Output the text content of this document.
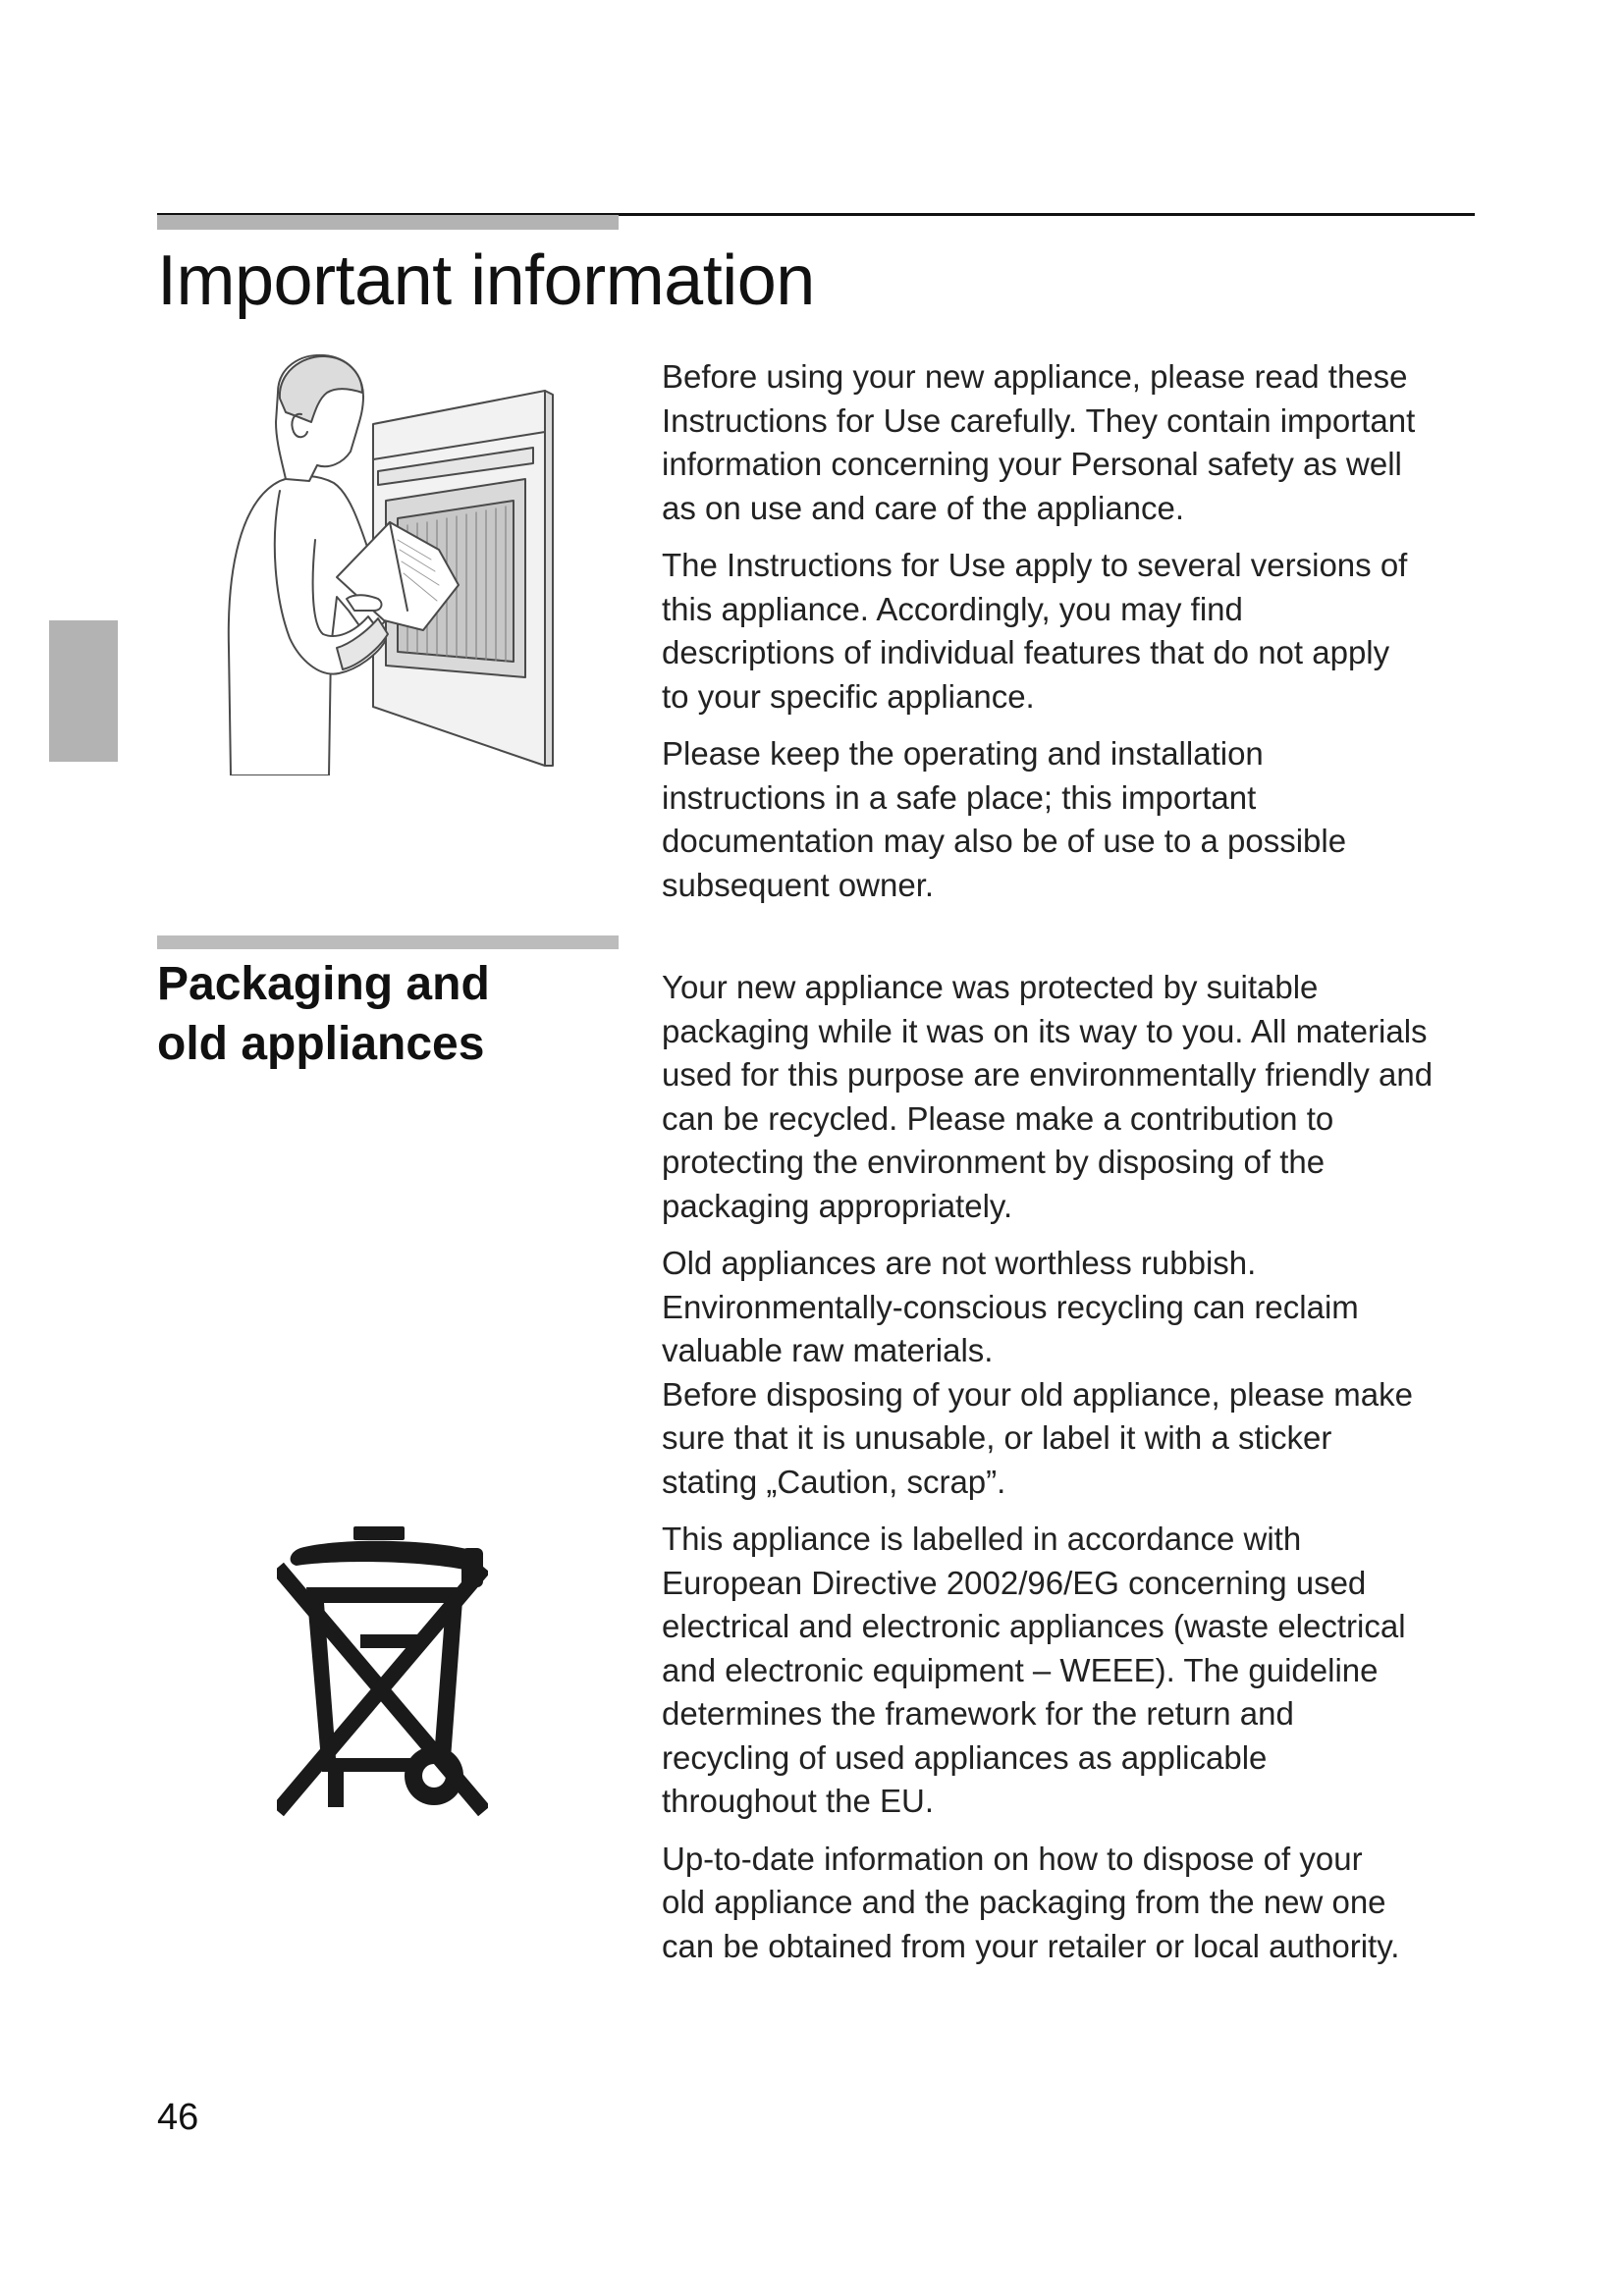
Important information

Before using your new appliance, please read these
Instructions for Use carefully. They contain important
information concerning your Personal safety as well
as on use and care of the appliance.

The Instructions for Use apply to several versions of
this appliance. Accordingly, you may find
descriptions of individual features that do not apply
to your specific appliance.

Please keep the operating and installation
instructions in a safe place; this important
documentation may also be of use to a possible
subsequent owner.

Packaging and
old appliances

Your new appliance was protected by suitable
packaging while it was on its way to you. All materials
used for this purpose are environmentally friendly and
can be recycled. Please make a contribution to
protecting the environment by disposing of the
packaging appropriately.

Old appliances are not worthless rubbish.
Environmentally-conscious recycling can reclaim
valuable raw materials.
Before disposing of your old appliance, please make
sure that it is unusable, or label it with a sticker
stating „Caution, scrap”.

This appliance is labelled in accordance with
European Directive 2002/96/EG concerning used
electrical and electronic appliances (waste electrical
and electronic equipment – WEEE). The guideline
determines the framework for the return and
recycling of used appliances as applicable
throughout the EU.

Up-to-date information on how to dispose of your
old appliance and the packaging from the new one
can be obtained from your retailer or local authority.

46
